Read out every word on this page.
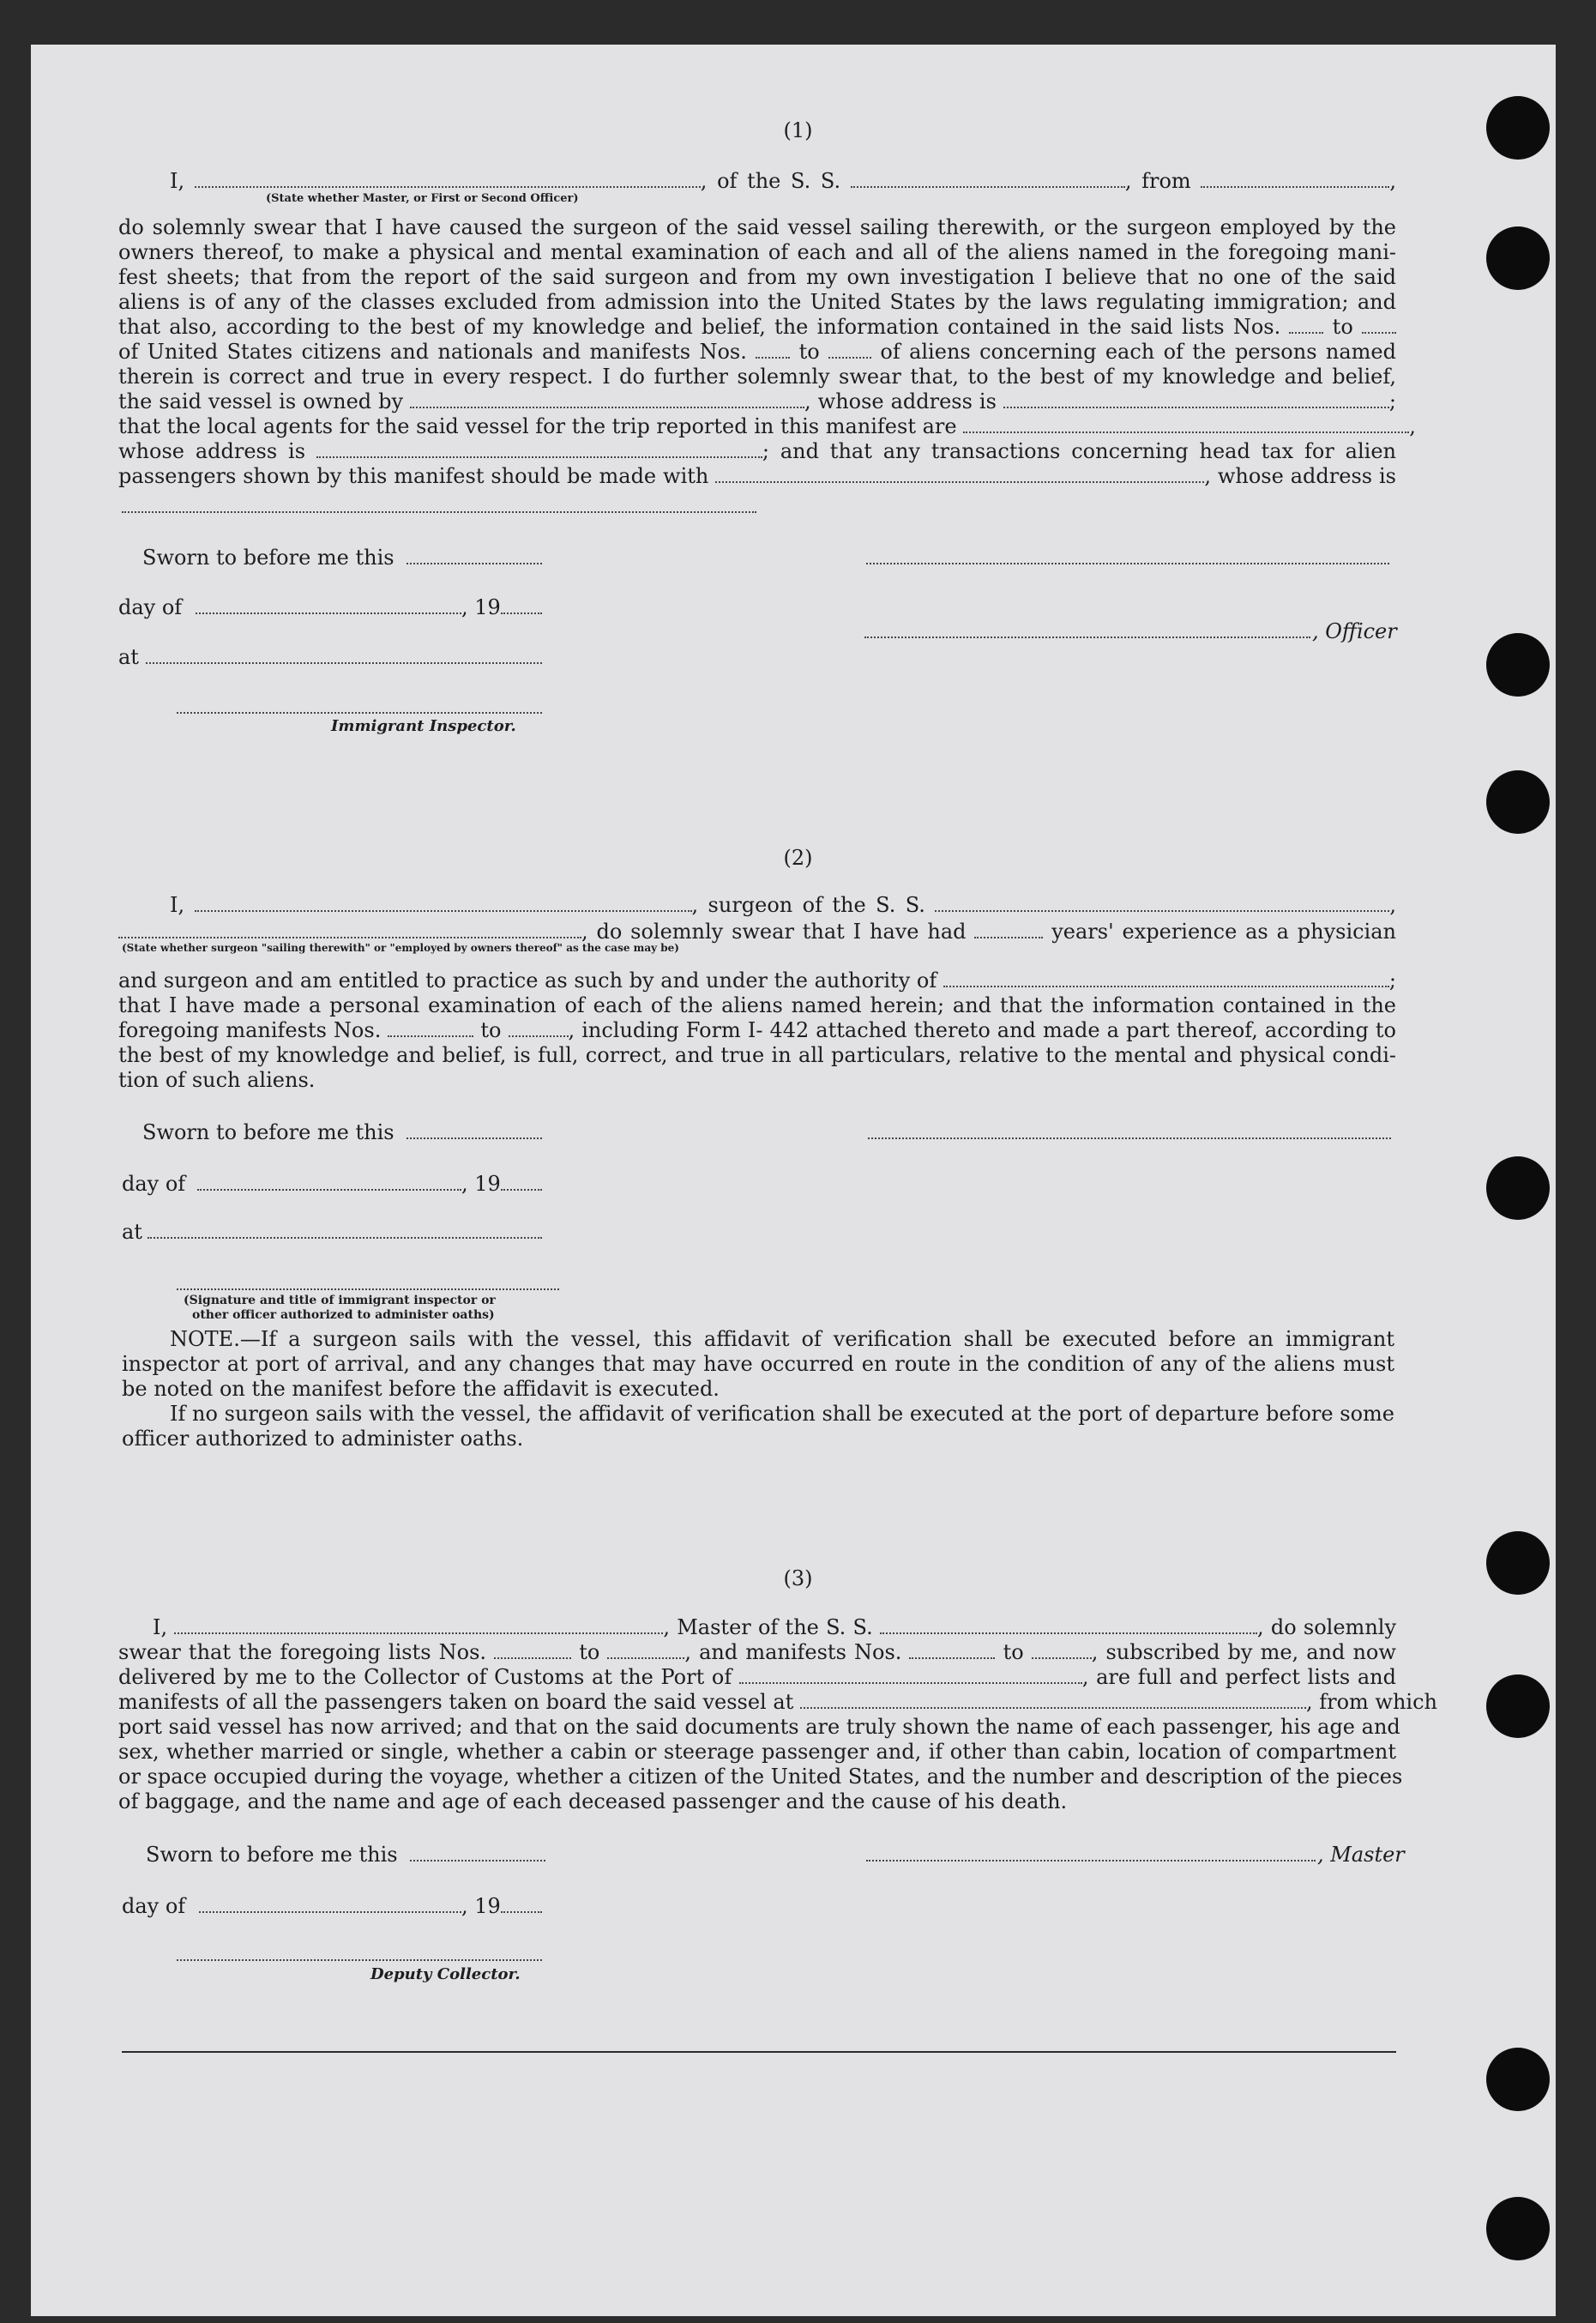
(1)
I,	, of the S. S.	, from	,
(State whether Master, or First or Second Officer)
do solemnly swear that I have caused the surgeon of the said vessel sailing therewith, or the surgeon employed by the
owners thereof, to make a physical and mental examination of each and all of the aliens named in the foregoing mani-
fest sheets; that from the report of the said surgeon and from my own investigation I believe that no one of the said
aliens is of any of the classes excluded from admission into the United States by the laws regulating immigration; and
that also, according to the best of my knowledge and belief, the information contained in the said lists Nos.	to
of United States citizens and nationals and manifests Nos.	to	of aliens concerning each of the persons named
therein is correct and true in every respect. I do further solemnly swear that, to the best of my knowledge and belief,
the said vessel is owned by	, whose address is	;
that the local agents for the said vessel for the trip reported in this manifest are	,
whose address is	; and that any transactions concerning head tax for alien
passengers shown by this manifest should be made with	, whose address is
Sworn to before me this
day of	, 19
, Officer
at
Immigrant Inspector.
(2)
I,	, surgeon of the S. S.	,
, do solemnly swear that I have had	years' experience as a physician
(State whether surgeon "sailing therewith" or "employed by owners thereof" as the case may be)
and surgeon and am entitled to practice as such by and under the authority of	;
that I have made a personal examination of each of the aliens named herein; and that the information contained in the
foregoing manifests Nos.	to	, including Form I- 442 attached thereto and made a part thereof, according to
the best of my knowledge and belief, is full, correct, and true in all particulars, relative to the mental and physical condi-
tion of such aliens.
Sworn to before me this
day of	, 19
at
(Signature and title of immigrant inspector or
other officer authorized to administer oaths)
NOTE.—If a surgeon sails with the vessel, this affidavit of verification shall be executed before an immigrant inspector at port of arrival, and any changes that may have occurred en route in the condition of any of the aliens must be noted on the manifest before the affidavit is executed.
If no surgeon sails with the vessel, the affidavit of verification shall be executed at the port of departure before some officer authorized to administer oaths.
(3)
I,	, Master of the S. S.	, do solemnly
swear that the foregoing lists Nos.	to	, and manifests Nos.	to	, subscribed by me, and now
delivered by me to the Collector of Customs at the Port of	, are full and perfect lists and
manifests of all the passengers taken on board the said vessel at	, from which
port said vessel has now arrived; and that on the said documents are truly shown the name of each passenger, his age and
sex, whether married or single, whether a cabin or steerage passenger and, if other than cabin, location of compartment
or space occupied during the voyage, whether a citizen of the United States, and the number and description of the pieces
of baggage, and the name and age of each deceased passenger and the cause of his death.
Sworn to before me this	, Master
day of	, 19
Deputy Collector.
